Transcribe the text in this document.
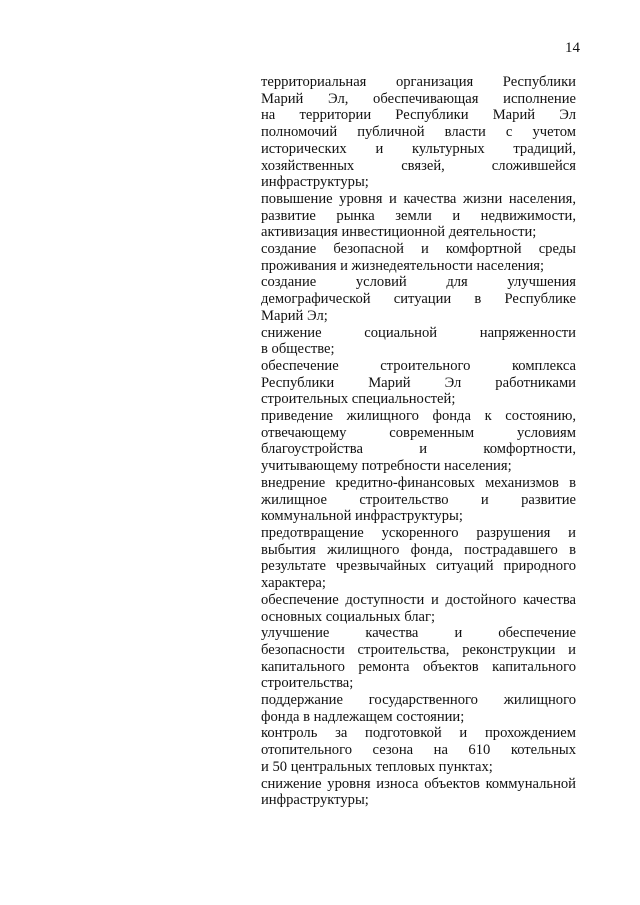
14
территориальная организация Республики
Марий Эл, обеспечивающая исполнение
на территории Республики Марий Эл
полномочий публичной власти с учетом
исторических и культурных традиций,
хозяйственных связей, сложившейся
инфраструктуры;
повышение уровня и качества жизни населения,
развитие рынка земли и недвижимости,
активизация инвестиционной деятельности;
создание безопасной и комфортной среды
проживания и жизнедеятельности населения;
создание условий для улучшения
демографической ситуации в Республике
Марий Эл;
снижение социальной напряженности
в обществе;
обеспечение строительного комплекса
Республики Марий Эл работниками
строительных специальностей;
приведение жилищного фонда к состоянию,
отвечающему современным условиям
благоустройства и комфортности,
учитывающему потребности населения;
внедрение кредитно-финансовых механизмов в
жилищное строительство и развитие
коммунальной инфраструктуры;
предотвращение ускоренного разрушения и
выбытия жилищного фонда, пострадавшего в
результате чрезвычайных ситуаций природного
характера;
обеспечение доступности и достойного качества
основных социальных благ;
улучшение качества и обеспечение
безопасности строительства, реконструкции и
капитального ремонта объектов капитального
строительства;
поддержание государственного жилищного
фонда в надлежащем состоянии;
контроль за подготовкой и прохождением
отопительного сезона на 610 котельных
и 50 центральных тепловых пунктах;
снижение уровня износа объектов коммунальной
инфраструктуры;
